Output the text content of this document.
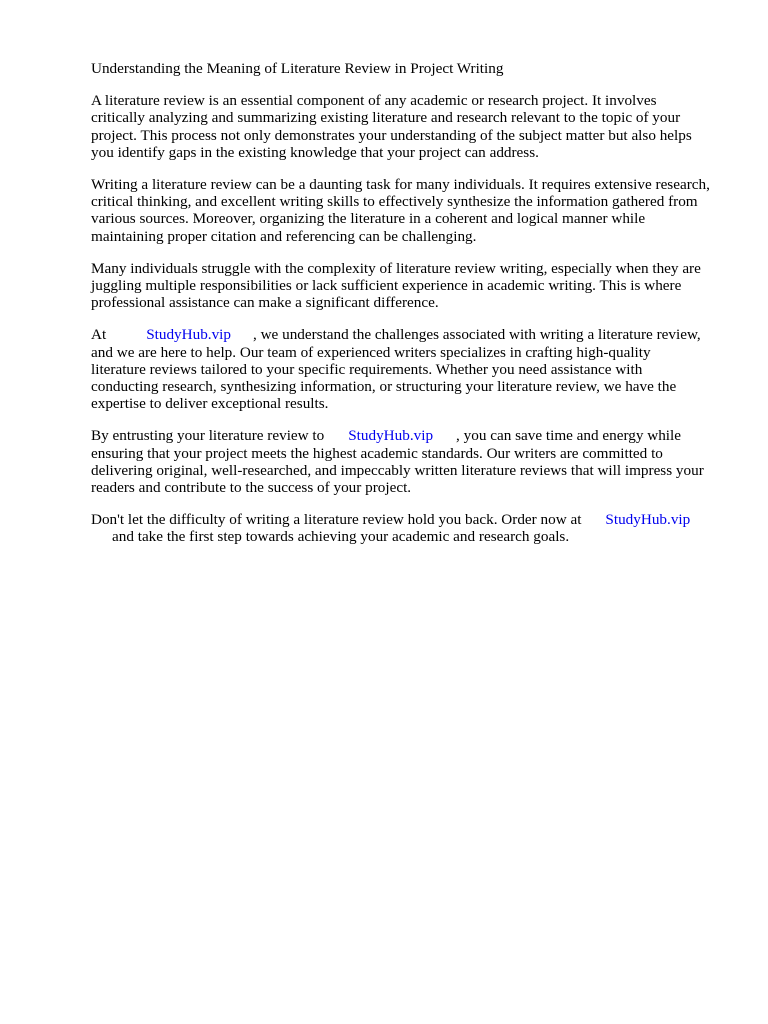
Understanding the Meaning of Literature Review in Project Writing
A literature review is an essential component of any academic or research project. It involves
critically analyzing and summarizing existing literature and research relevant to the topic of your
project. This process not only demonstrates your understanding of the subject matter but also helps
you identify gaps in the existing knowledge that your project can address.
Writing a literature review can be a daunting task for many individuals. It requires extensive research,
critical thinking, and excellent writing skills to effectively synthesize the information gathered from
various sources. Moreover, organizing the literature in a coherent and logical manner while
maintaining proper citation and referencing can be challenging.
Many individuals struggle with the complexity of literature review writing, especially when they are
juggling multiple responsibilities or lack sufficient experience in academic writing. This is where
professional assistance can make a significant difference.
At	StudyHub.vip , we understand the challenges associated with writing a literature review,
and we are here to help. Our team of experienced writers specializes in crafting high-quality
literature reviews tailored to your specific requirements. Whether you need assistance with
conducting research, synthesizing information, or structuring your literature review, we have the
expertise to deliver exceptional results.
By entrusting your literature review to StudyHub.vip , you can save time and energy while
ensuring that your project meets the highest academic standards. Our writers are committed to
delivering original, well-researched, and impeccably written literature reviews that will impress your
readers and contribute to the success of your project.
Don't let the difficulty of writing a literature review hold you back. Order now at StudyHub.vip
and take the first step towards achieving your academic and research goals.
